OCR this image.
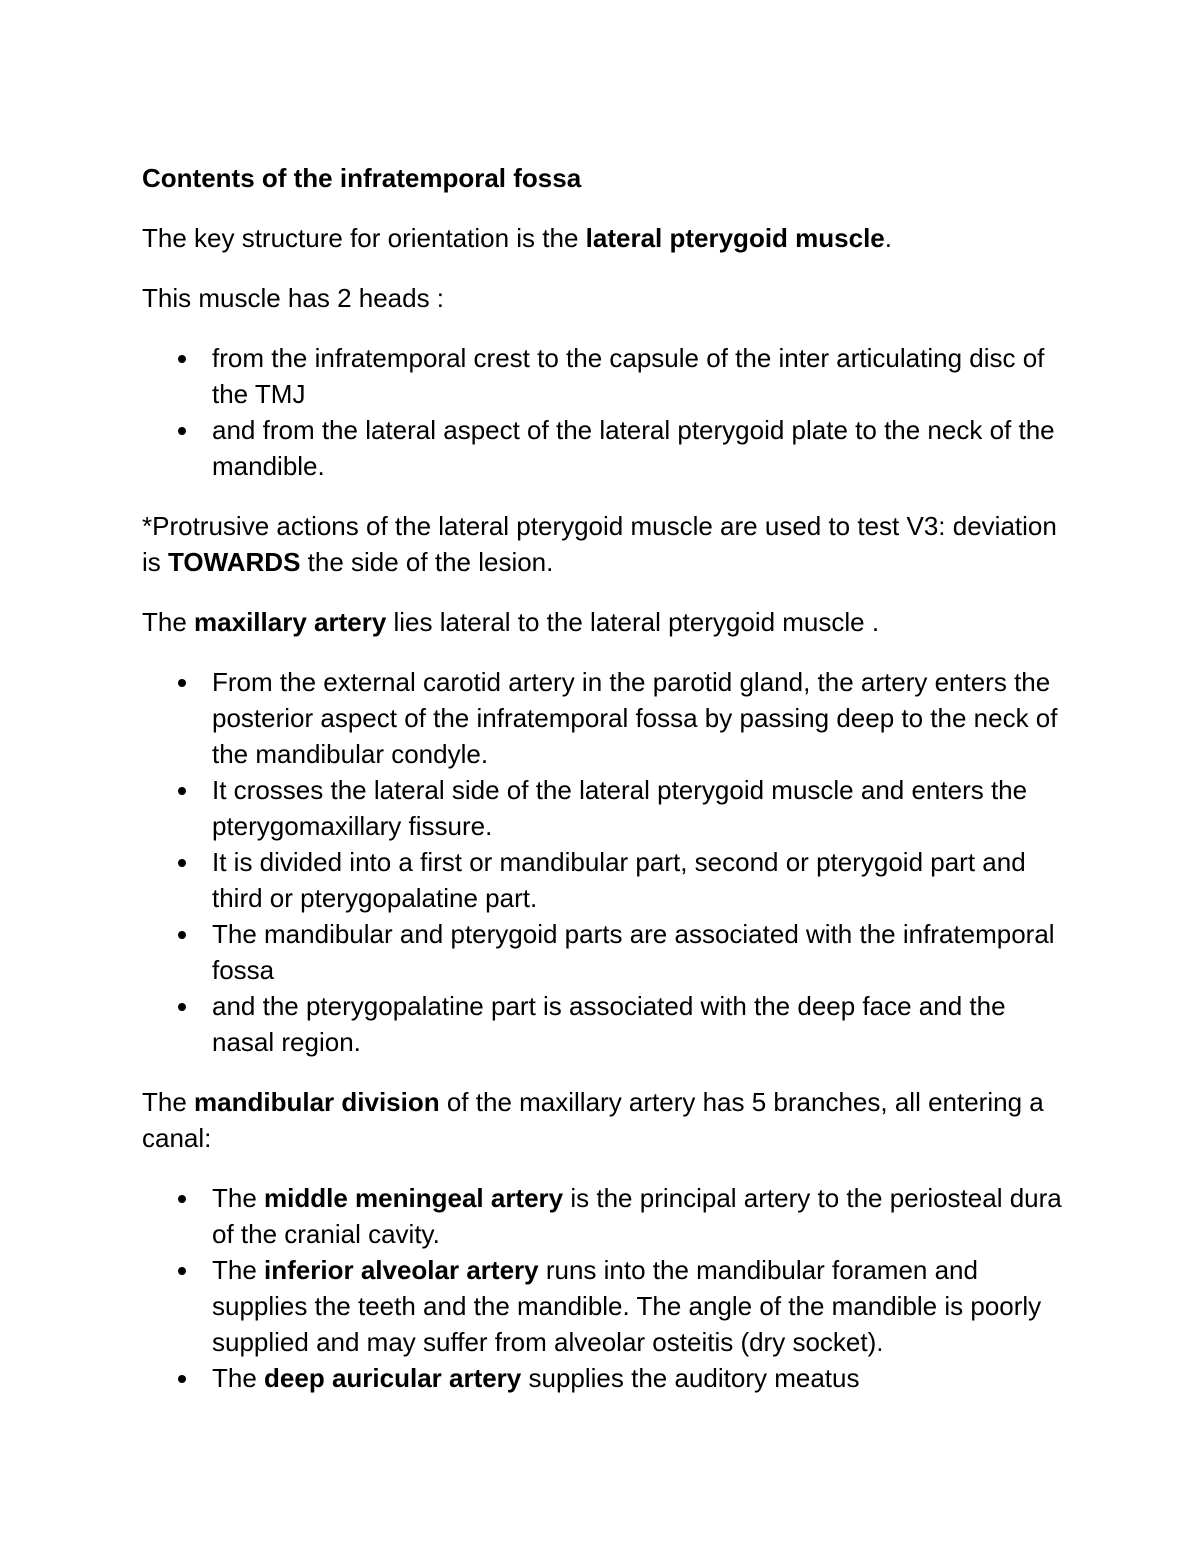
Contents of the infratemporal fossa

The key structure for orientation is the lateral pterygoid muscle.

This muscle has 2 heads :

from the infratemporal crest to the capsule of the inter articulating disc of the TMJ
and from the lateral aspect of the lateral pterygoid plate to the neck of the mandible.

*Protrusive actions of the lateral pterygoid muscle are used to test V3: deviation is TOWARDS the side of the lesion.

The maxillary artery lies lateral to the lateral pterygoid muscle .

From the external carotid artery in the parotid gland, the artery enters the posterior aspect of the infratemporal fossa by passing deep to the neck of the mandibular condyle.
It crosses the lateral side of the lateral pterygoid muscle and enters the pterygomaxillary fissure.
It is divided into a first or mandibular part, second or pterygoid part and third or pterygopalatine part.
The mandibular and pterygoid parts are associated with the infratemporal fossa
and the pterygopalatine part is associated with the deep face and the nasal region.

The mandibular division of the maxillary artery has 5 branches, all entering a canal:

The middle meningeal artery is the principal artery to the periosteal dura of the cranial cavity.
The inferior alveolar artery runs into the mandibular foramen and supplies the teeth and the mandible. The angle of the mandible is poorly supplied and may suffer from alveolar osteitis (dry socket).
The deep auricular artery supplies the auditory meatus
